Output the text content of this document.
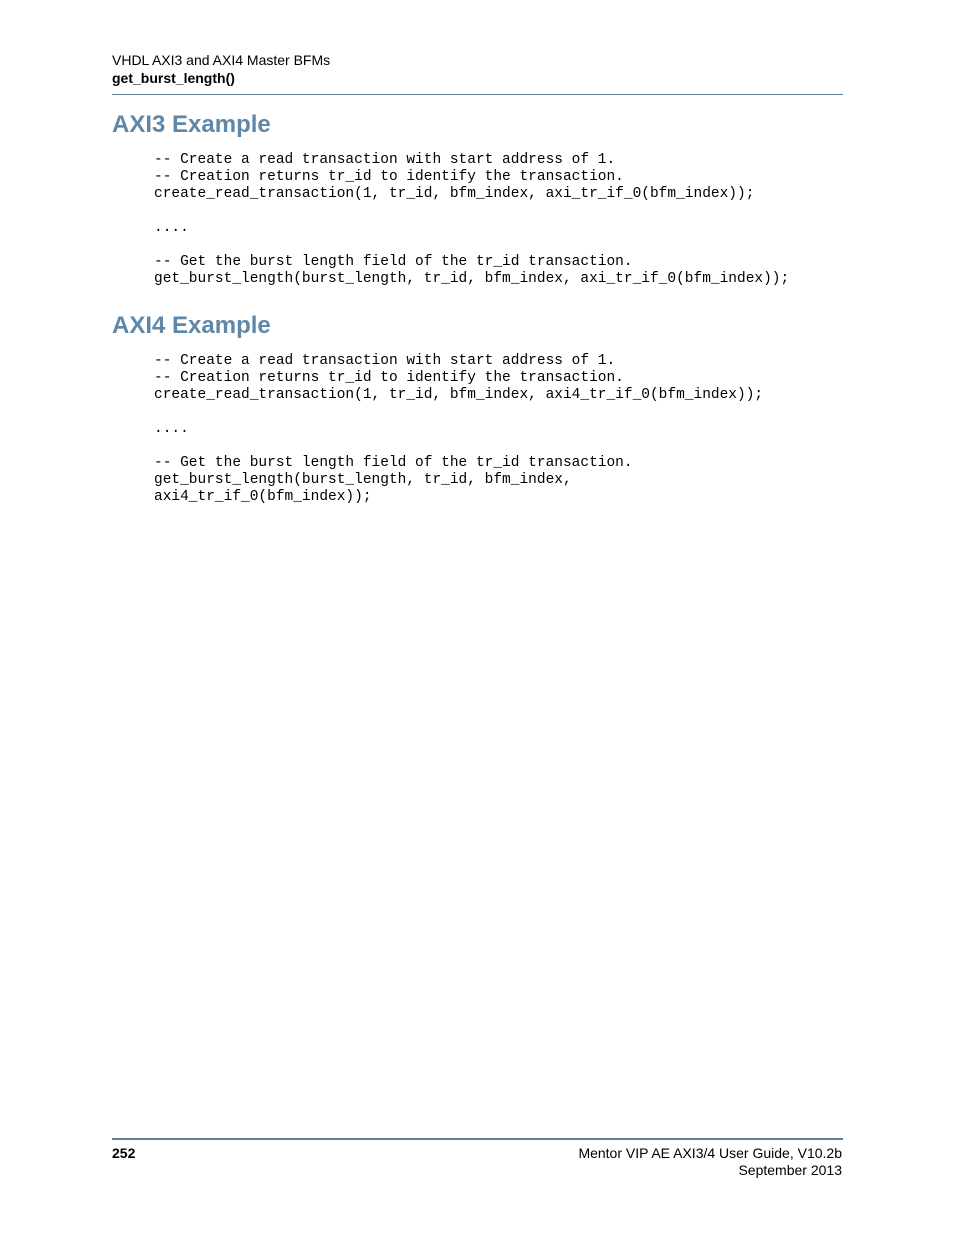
VHDL AXI3 and AXI4 Master BFMs
get_burst_length()
AXI3 Example
-- Create a read transaction with start address of 1.
-- Creation returns tr_id to identify the transaction.
create_read_transaction(1, tr_id, bfm_index, axi_tr_if_0(bfm_index));

....

-- Get the burst length field of the tr_id transaction.
get_burst_length(burst_length, tr_id, bfm_index, axi_tr_if_0(bfm_index));
AXI4 Example
-- Create a read transaction with start address of 1.
-- Creation returns tr_id to identify the transaction.
create_read_transaction(1, tr_id, bfm_index, axi4_tr_if_0(bfm_index));

....

-- Get the burst length field of the tr_id transaction.
get_burst_length(burst_length, tr_id, bfm_index,
axi4_tr_if_0(bfm_index));
252	Mentor VIP AE AXI3/4 User Guide, V10.2b
September 2013
